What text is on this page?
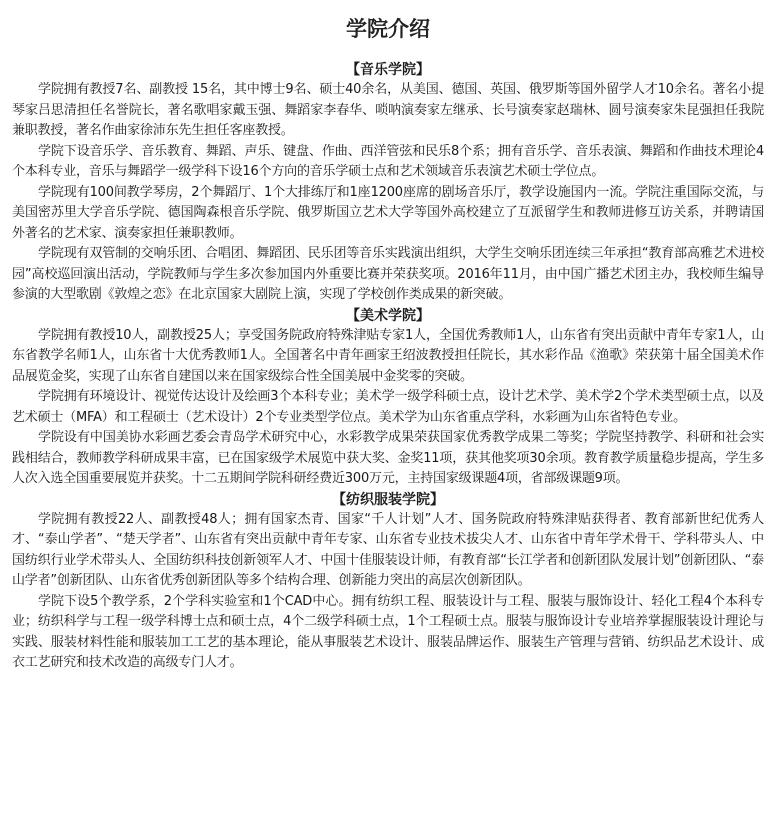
学院介绍
【音乐学院】

学院拥有教授7名、副教授 15名，其中博士9名、硕士40余名，从美国、德国、英国、俄罗斯等国外留学人才10余名。著名小提琴家吕思清担任名誉院长，著名歌唱家戴玉强、舞蹈家李春华、唢呐演奏家左继承、长号演奏家赵瑞林、圆号演奏家朱昆强担任我院兼职教授，著名作曲家徐沛东先生担任客座教授。

学院下设音乐学、音乐教育、舞蹈、声乐、键盘、作曲、西洋管弦和民乐8个系；拥有音乐学、音乐表演、舞蹈和作曲技术理论4个本科专业，音乐与舞蹈学一级学科下设16个方向的音乐学硕士点和艺术领域音乐表演艺术硕士学位点。

学院现有100间教学琴房，2个舞蹈厅、1个大排练厅和1座1200座席的剧场音乐厅，教学设施国内一流。学院注重国际交流，与美国密苏里大学音乐学院、德国陶森根音乐学院、俄罗斯国立艺术大学等国外高校建立了互派留学生和教师进修互访关系，并聘请国外著名的艺术家、演奏家担任兼职教师。

学院现有双管制的交响乐团、合唱团、舞蹈团、民乐团等音乐实践演出组织，大学生交响乐团连续三年承担“教育部高雅艺术进校园”高校巡回演出活动，学院教师与学生多次参加国内外重要比赛并荣获奖项。2016年11月，由中国广播艺术团主办，我校师生编导参演的大型歌剧《敦煌之恋》在北京国家大剧院上演，实现了学校创作类成果的新突破。

【美术学院】

学院拥有教授10人，副教授25人；享受国务院政府特殊津贴专家1人，全国优秀教师1人，山东省有突出贡献中青年专家1人，山东省教学名师1人，山东省十大优秀教师1人。全国著名中青年画家王绍波教授担任院长，其水彩作品《渔歌》荣获第十届全国美术作品展览金奖，实现了山东省自建国以来在国家级综合性全国美展中金奖零的突破。

学院拥有环境设计、视觉传达设计及绘画3个本科专业；美术学一级学科硕士点，设计艺术学、美术学2个学术类型硕士点，以及艺术硕士（MFA）和工程硕士（艺术设计）2个专业类型学位点。美术学为山东省重点学科，水彩画为山东省特色专业。

学院设有中国美协水彩画艺委会青岛学术研究中心，水彩教学成果荣获国家优秀教学成果二等奖；学院坚持教学、科研和社会实践相结合，教师教学科研成果丰富，已在国家级学术展览中获大奖、金奖11项，获其他奖项30余项。教育教学质量稳步提高，学生多人次入选全国重要展览并获奖。十二五期间学院科研经费近300万元，主持国家级课题4项，省部级课题9项。

【纺织服装学院】

学院拥有教授22人、副教授48人；拥有国家杰青、国家“千人计划”人才、国务院政府特殊津贴获得者、教育部新世纪优秀人才、“泰山学者”、“楚天学者”、山东省有突出贡献中青年专家、山东省专业技术拔尖人才、山东省中青年学术骨干、学科带头人、中国纺织行业学术带头人、全国纺织科技创新领军人才、中国十佳服装设计师，有教育部“长江学者和创新团队发展计划”创新团队、“泰山学者”创新团队、山东省优秀创新团队等多个结构合理、创新能力突出的高层次创新团队。

学院下设5个教学系，2个学科实验室和1个CAD中心。拥有纺织工程、服装设计与工程、服装与服饰设计、轻化工程4个本科专业；纺织科学与工程一级学科博士点和硕士点，4个二级学科硕士点，1个工程硕士点。服装与服饰设计专业培养掌握服装设计理论与实践、服装材料性能和服装加工工艺的基本理论，能从事服装艺术设计、服装品牌运作、服装生产管理与营销、纺织品艺术设计、成衣工艺研究和技术改造的高级专门人才。
